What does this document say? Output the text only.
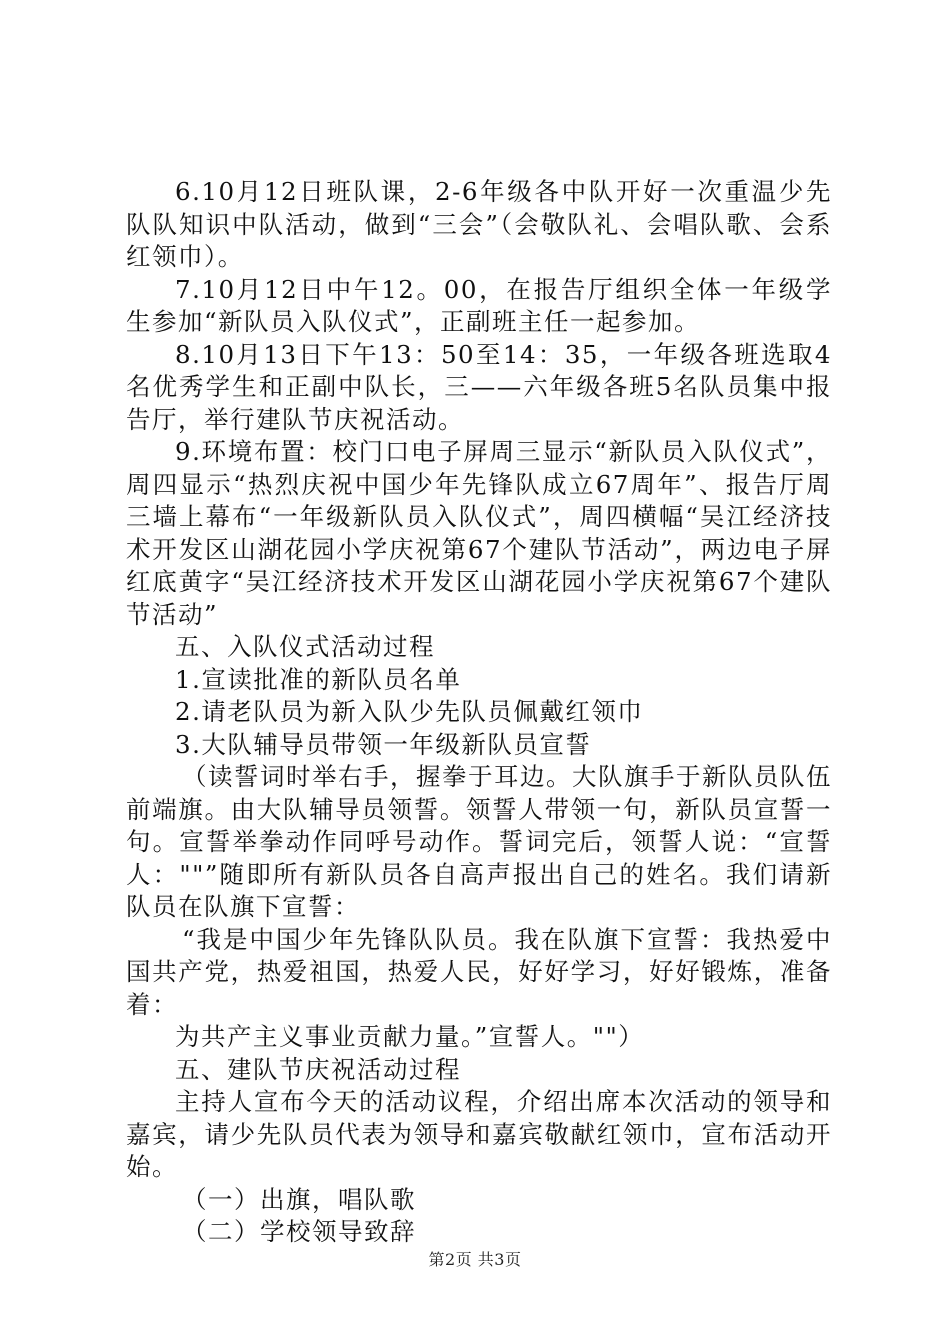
6.10月12日班队课，2-6年级各中队开好一次重温少先队队知识中队活动，做到“三会”（会敬队礼、会唱队歌、会系红领巾）。

7.10月12日中午12。00，在报告厅组织全体一年级学生参加“新队员入队仪式”，正副班主任一起参加。

8.10月13日下午13：50至14：35，一年级各班选取4名优秀学生和正副中队长，三——六年级各班5名队员集中报告厅，举行建队节庆祝活动。

9.环境布置：校门口电子屏周三显示“新队员入队仪式”，周四显示“热烈庆祝中国少年先锋队成立67周年”、报告厅周三墙上幕布“一年级新队员入队仪式”，周四横幅“吴江经济技术开发区山湖花园小学庆祝第67个建队节活动”，两边电子屏红底黄字“吴江经济技术开发区山湖花园小学庆祝第67个建队节活动”

五、入队仪式活动过程

1.宣读批准的新队员名单

2.请老队员为新入队少先队员佩戴红领巾

3.大队辅导员带领一年级新队员宣誓

（读誓词时举右手，握拳于耳边。大队旗手于新队员队伍前端旗。由大队辅导员领誓。领誓人带领一句，新队员宣誓一句。宣誓举拳动作同呼号动作。誓词完后，领誓人说：“宣誓人：""”随即所有新队员各自高声报出自己的姓名。我们请新队员在队旗下宣誓：

“我是中国少年先锋队队员。我在队旗下宣誓：我热爱中国共产党，热爱祖国，热爱人民，好好学习，好好锻炼，准备着：

为共产主义事业贡献力量。”宣誓人。""）

五、建队节庆祝活动过程

主持人宣布今天的活动议程，介绍出席本次活动的领导和嘉宾，请少先队员代表为领导和嘉宾敬献红领巾，宣布活动开始。

（一）出旗，唱队歌

（二）学校领导致辞

第2页 共3页
